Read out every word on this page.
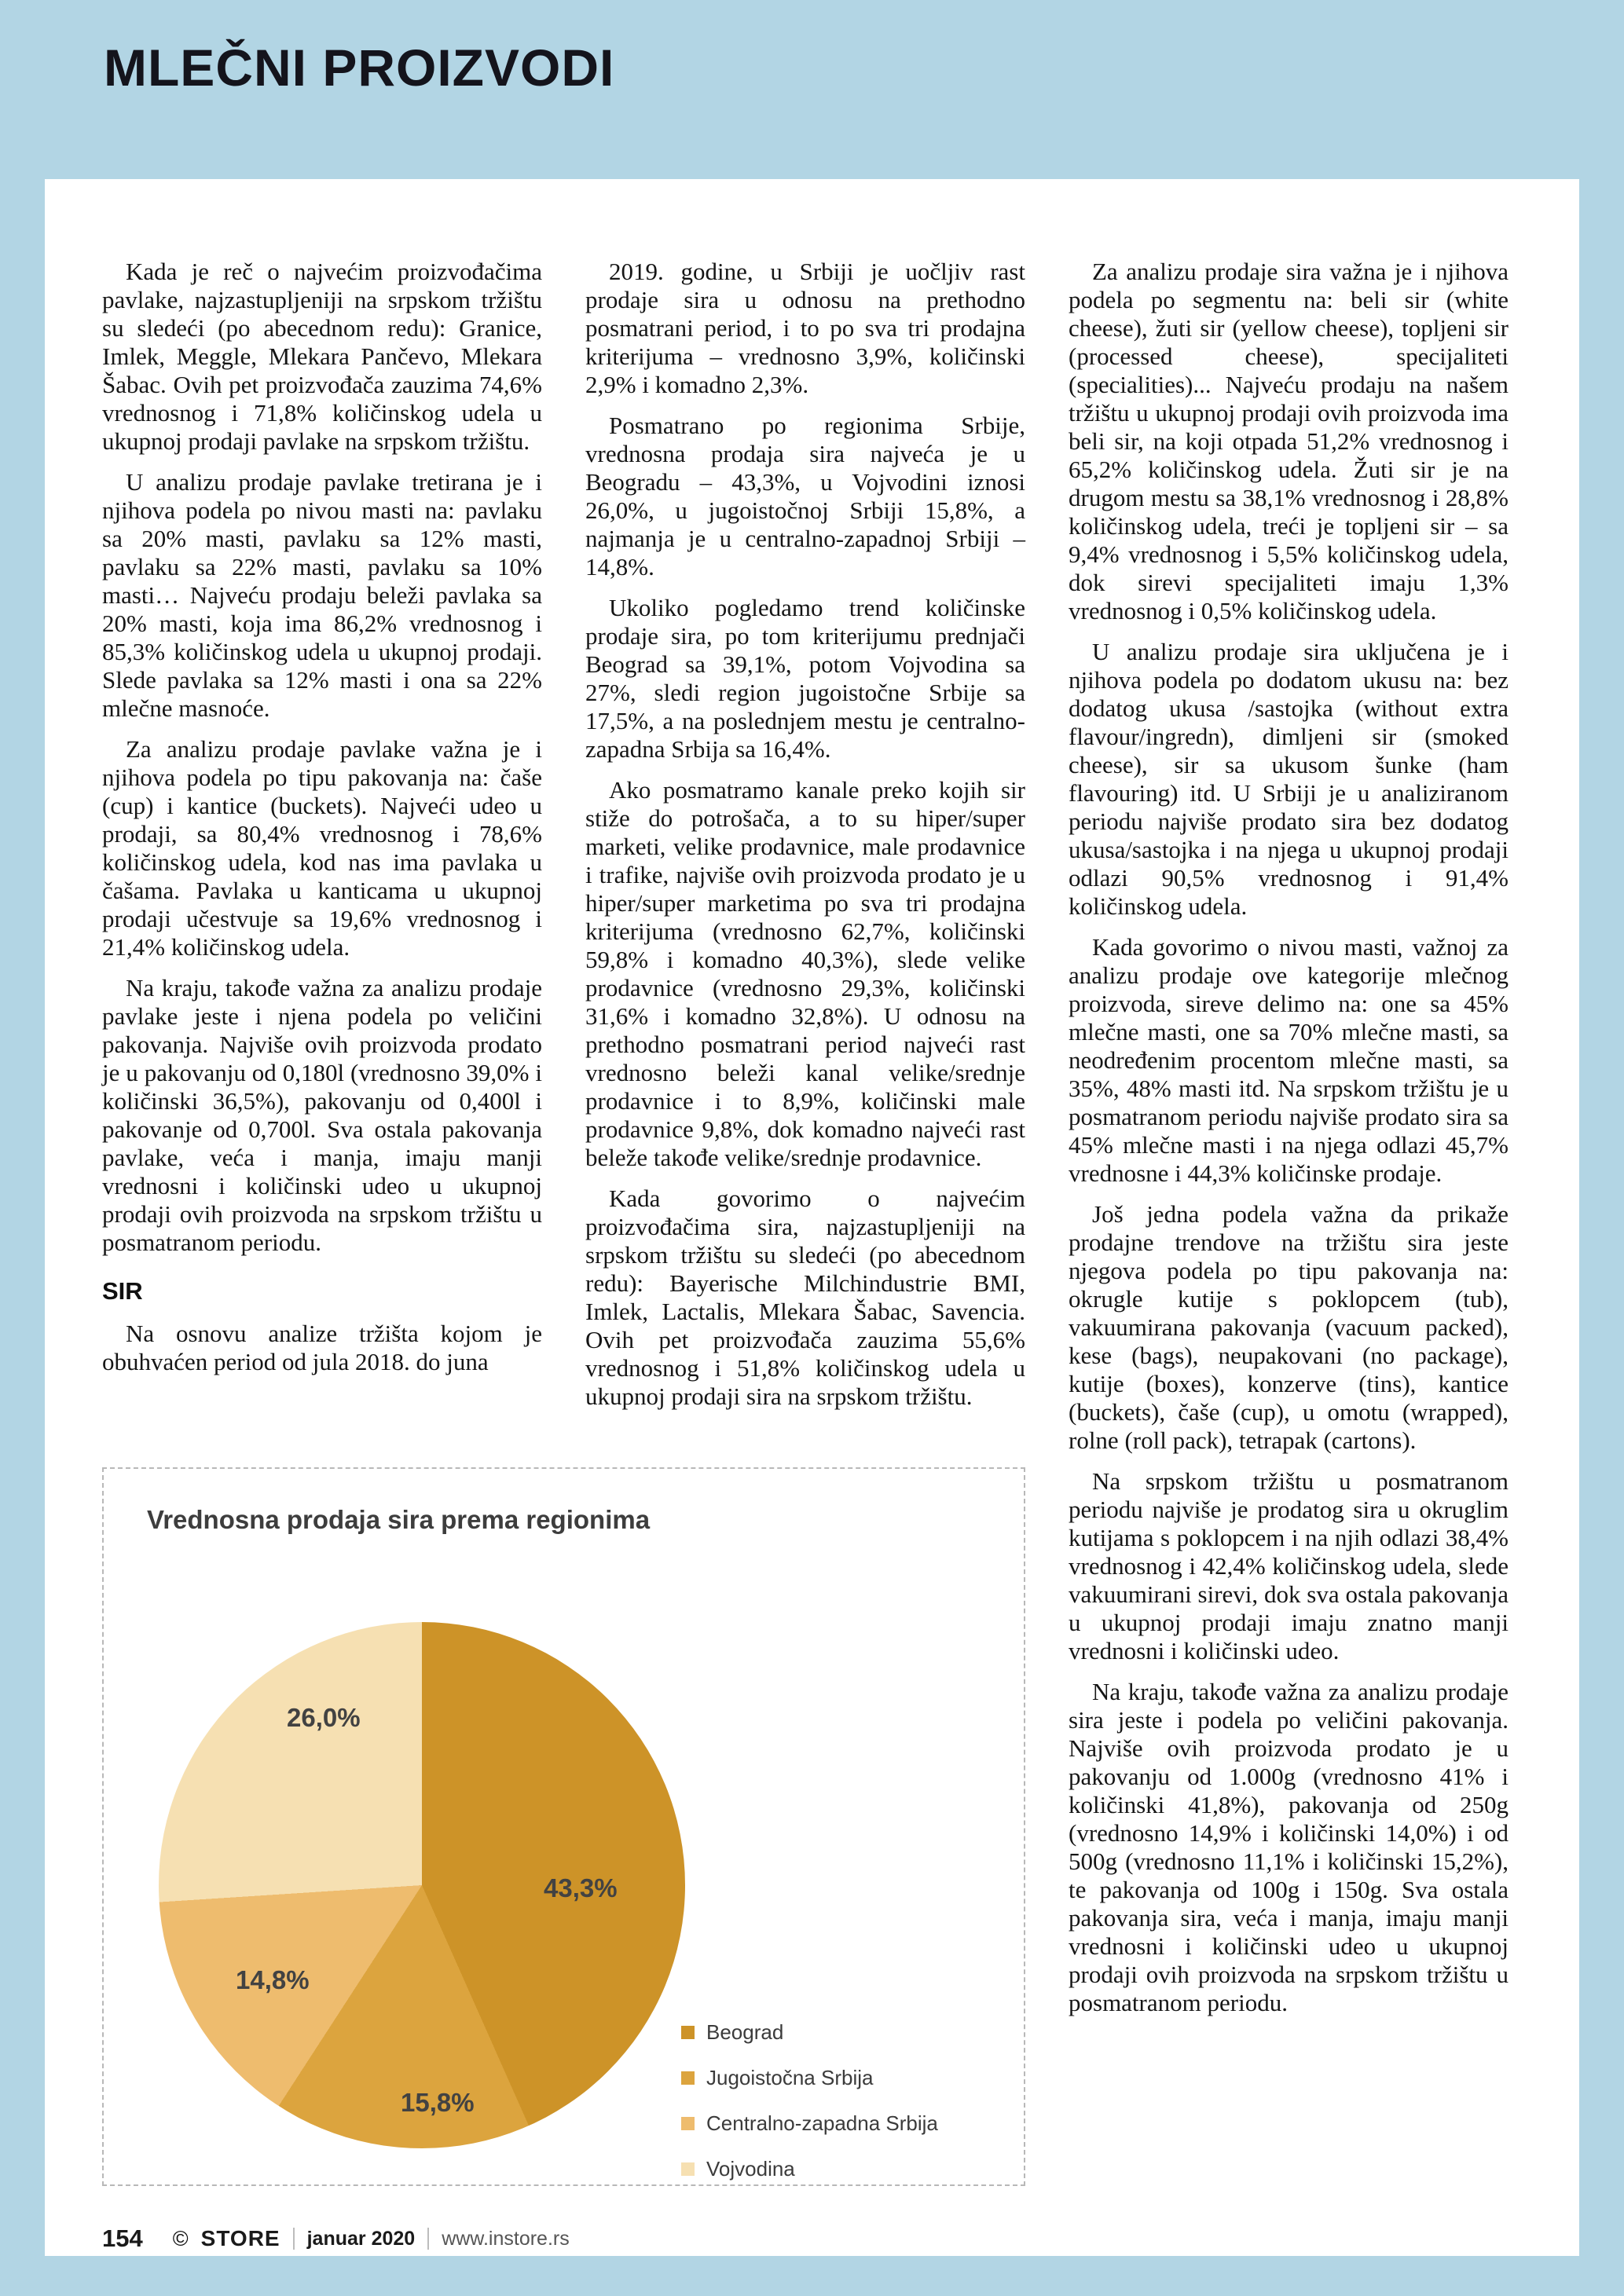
MLEČNI PROIZVODI

Kada je reč o najvećim proizvođačima pavlake, najzastupljeniji na srpskom tržištu su sledeći (po abecednom redu): Granice, Imlek, Meggle, Mlekara Pančevo, Mlekara Šabac. Ovih pet proizvođača zauzima 74,6% vrednosnog i 71,8% količinskog udela u ukupnoj prodaji pavlake na srpskom tržištu.

U analizu prodaje pavlake tretirana je i njihova podela po nivou masti na: pavlaku sa 20% masti, pavlaku sa 12% masti, pavlaku sa 22% masti, pavlaku sa 10% masti… Najveću prodaju beleži pavlaka sa 20% masti, koja ima 86,2% vrednosnog i 85,3% količinskog udela u ukupnoj prodaji. Slede pavlaka sa 12% masti i ona sa 22% mlečne masnoće.

Za analizu prodaje pavlake važna je i njihova podela po tipu pakovanja na: čaše (cup) i kantice (buckets). Najveći udeo u prodaji, sa 80,4% vrednosnog i 78,6% količinskog udela, kod nas ima pavlaka u čašama. Pavlaka u kanticama u ukupnoj prodaji učestvuje sa 19,6% vrednosnog i 21,4% količinskog udela.

Na kraju, takođe važna za analizu prodaje pavlake jeste i njena podela po veličini pakovanja. Najviše ovih proizvoda prodato je u pakovanju od 0,180l (vrednosno 39,0% i količinski 36,5%), pakovanju od 0,400l i pakovanje od 0,700l. Sva ostala pakovanja pavlake, veća i manja, imaju manji vrednosni i količinski udeo u ukupnoj prodaji ovih proizvoda na srpskom tržištu u posmatranom periodu.

SIR

Na osnovu analize tržišta kojom je obuhvaćen period od jula 2018. do juna

2019. godine, u Srbiji je uočljiv rast prodaje sira u odnosu na prethodno posmatrani period, i to po sva tri prodajna kriterijuma – vrednosno 3,9%, količinski 2,9% i komadno 2,3%.

Posmatrano po regionima Srbije, vrednosna prodaja sira najveća je u Beogradu – 43,3%, u Vojvodini iznosi 26,0%, u jugoistočnoj Srbiji 15,8%, a najmanja je u centralno-zapadnoj Srbiji – 14,8%.

Ukoliko pogledamo trend količinske prodaje sira, po tom kriterijumu prednjači Beograd sa 39,1%, potom Vojvodina sa 27%, sledi region jugoistočne Srbije sa 17,5%, a na poslednjem mestu je centralno-zapadna Srbija sa 16,4%.

Ako posmatramo kanale preko kojih sir stiže do potrošača, a to su hiper/super marketi, velike prodavnice, male prodavnice i trafike, najviše ovih proizvoda prodato je u hiper/super marketima po sva tri prodajna kriterijuma (vrednosno 62,7%, količinski 59,8% i komadno 40,3%), slede velike prodavnice (vrednosno 29,3%, količinski 31,6% i komadno 32,8%). U odnosu na prethodno posmatrani period najveći rast vrednosno beleži kanal velike/srednje prodavnice i to 8,9%, količinski male prodavnice 9,8%, dok komadno najveći rast beleže takođe velike/srednje prodavnice.

Kada govorimo o najvećim proizvođačima sira, najzastupljeniji na srpskom tržištu su sledeći (po abecednom redu): Bayerische Milchindustrie BMI, Imlek, Lactalis, Mlekara Šabac, Savencia. Ovih pet proizvođača zauzima 55,6% vrednosnog i 51,8% količinskog udela u ukupnoj prodaji sira na srpskom tržištu.

Vrednosna prodaja sira prema regionima
43,3%
15,8%
14,8%
26,0%
Beograd
Jugoistočna Srbija
Centralno-zapadna Srbija
Vojvodina

Za analizu prodaje sira važna je i njihova podela po segmentu na: beli sir (white cheese), žuti sir (yellow cheese), topljeni sir (processed cheese), specijaliteti (specialities)... Najveću prodaju na našem tržištu u ukupnoj prodaji ovih proizvoda ima beli sir, na koji otpada 51,2% vrednosnog i 65,2% količinskog udela. Žuti sir je na drugom mestu sa 38,1% vrednosnog i 28,8% količinskog udela, treći je topljeni sir – sa 9,4% vrednosnog i 5,5% količinskog udela, dok sirevi specijaliteti imaju 1,3% vrednosnog i 0,5% količinskog udela.

U analizu prodaje sira uključena je i njihova podela po dodatom ukusu na: bez dodatog ukusa /sastojka (without extra flavour/ingredn), dimljeni sir (smoked cheese), sir sa ukusom šunke (ham flavouring) itd. U Srbiji je u analiziranom periodu najviše prodato sira bez dodatog ukusa/sastojka i na njega u ukupnoj prodaji odlazi 90,5% vrednosnog i 91,4% količinskog udela.

Kada govorimo o nivou masti, važnoj za analizu prodaje ove kategorije mlečnog proizvoda, sireve delimo na: one sa 45% mlečne masti, one sa 70% mlečne masti, sa neodređenim procentom mlečne masti, sa 35%, 48% masti itd. Na srpskom tržištu je u posmatranom periodu najviše prodato sira sa 45% mlečne masti i na njega odlazi 45,7% vrednosne i 44,3% količinske prodaje.

Još jedna podela važna da prikaže prodajne trendove na tržištu sira jeste njegova podela po tipu pakovanja na: okrugle kutije s poklopcem (tub), vakuumirana pakovanja (vacuum packed), kese (bags), neupakovani (no package), kutije (boxes), konzerve (tins), kantice (buckets), čaše (cup), u omotu (wrapped), rolne (roll pack), tetrapak (cartons).

Na srpskom tržištu u posmatranom periodu najviše je prodatog sira u okruglim kutijama s poklopcem i na njih odlazi 38,4% vrednosnog i 42,4% količinskog udela, slede vakuumirani sirevi, dok sva ostala pakovanja u ukupnoj prodaji imaju znatno manji vrednosni i količinski udeo.

Na kraju, takođe važna za analizu prodaje sira jeste i podela po veličini pakovanja. Najviše ovih proizvoda prodato je u pakovanju od 1.000g (vrednosno 41% i količinski 41,8%), pakovanja od 250g (vrednosno 14,9% i količinski 14,0%) i od 500g (vrednosno 11,1% i količinski 15,2%), te pakovanja od 100g i 150g. Sva ostala pakovanja sira, veća i manja, imaju manji vrednosni i količinski udeo u ukupnoj prodaji ovih proizvoda na srpskom tržištu u posmatranom periodu.

154 © STORE januar 2020 www.instore.rs
